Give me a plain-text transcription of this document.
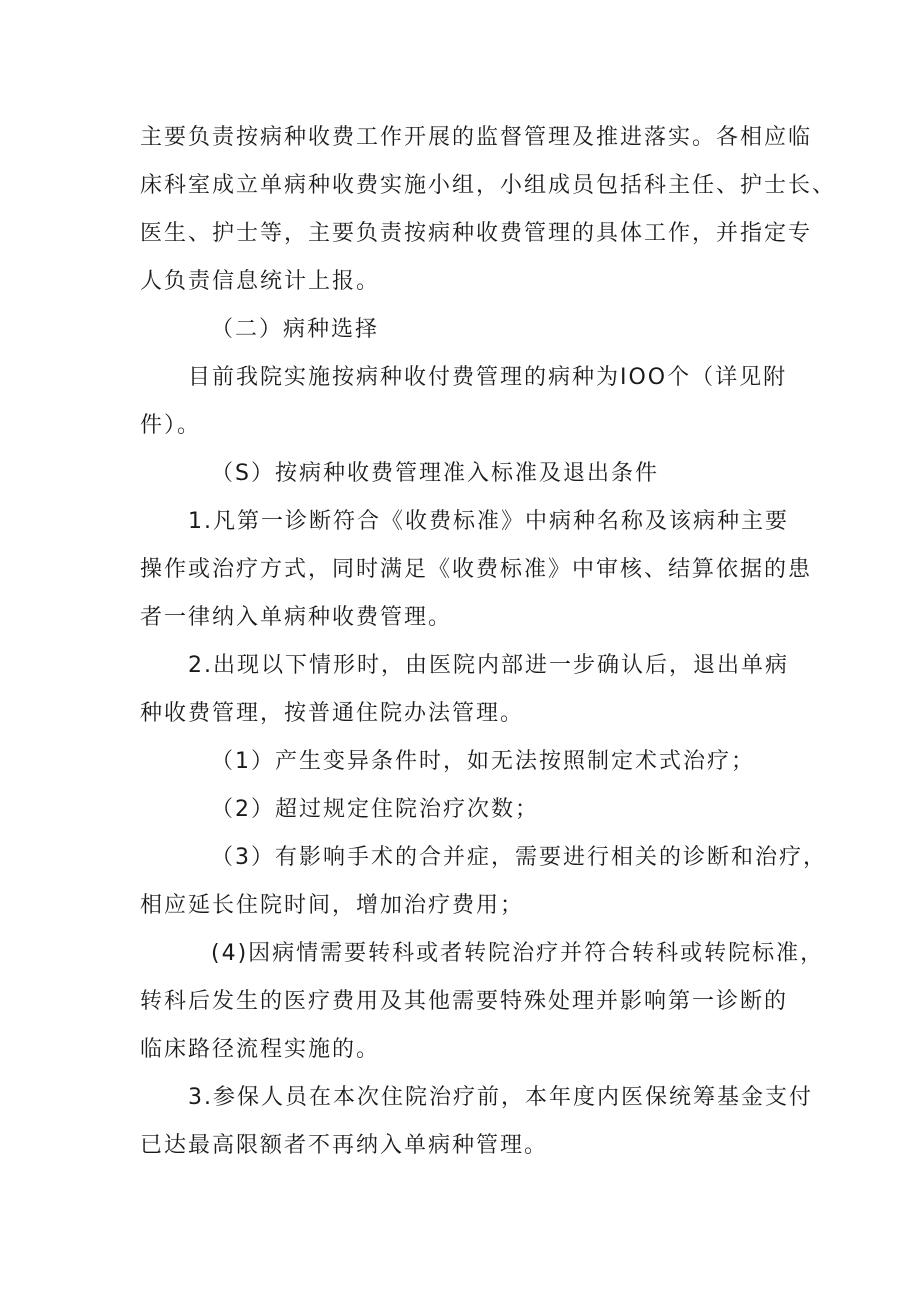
主要负责按病种收费工作开展的监督管理及推进落实。各相应临

床科室成立单病种收费实施小组，小组成员包括科主任、护士长、

医生、护士等，主要负责按病种收费管理的具体工作，并指定专

人负责信息统计上报。

（二）病种选择

目前我院实施按病种收付费管理的病种为IOO个（详见附

件）。

（S）按病种收费管理准入标准及退出条件

1.凡第一诊断符合《收费标准》中病种名称及该病种主要

操作或治疗方式，同时满足《收费标准》中审核、结算依据的患

者一律纳入单病种收费管理。

2.出现以下情形时，由医院内部进一步确认后，退出单病

种收费管理，按普通住院办法管理。

（1）产生变异条件时，如无法按照制定术式治疗；

（2）超过规定住院治疗次数；

（3）有影响手术的合并症，需要进行相关的诊断和治疗，

相应延长住院时间，增加治疗费用；

(4)因病情需要转科或者转院治疗并符合转科或转院标准，

转科后发生的医疗费用及其他需要特殊处理并影响第一诊断的

临床路径流程实施的。

3.参保人员在本次住院治疗前，本年度内医保统筹基金支付

已达最高限额者不再纳入单病种管理。
